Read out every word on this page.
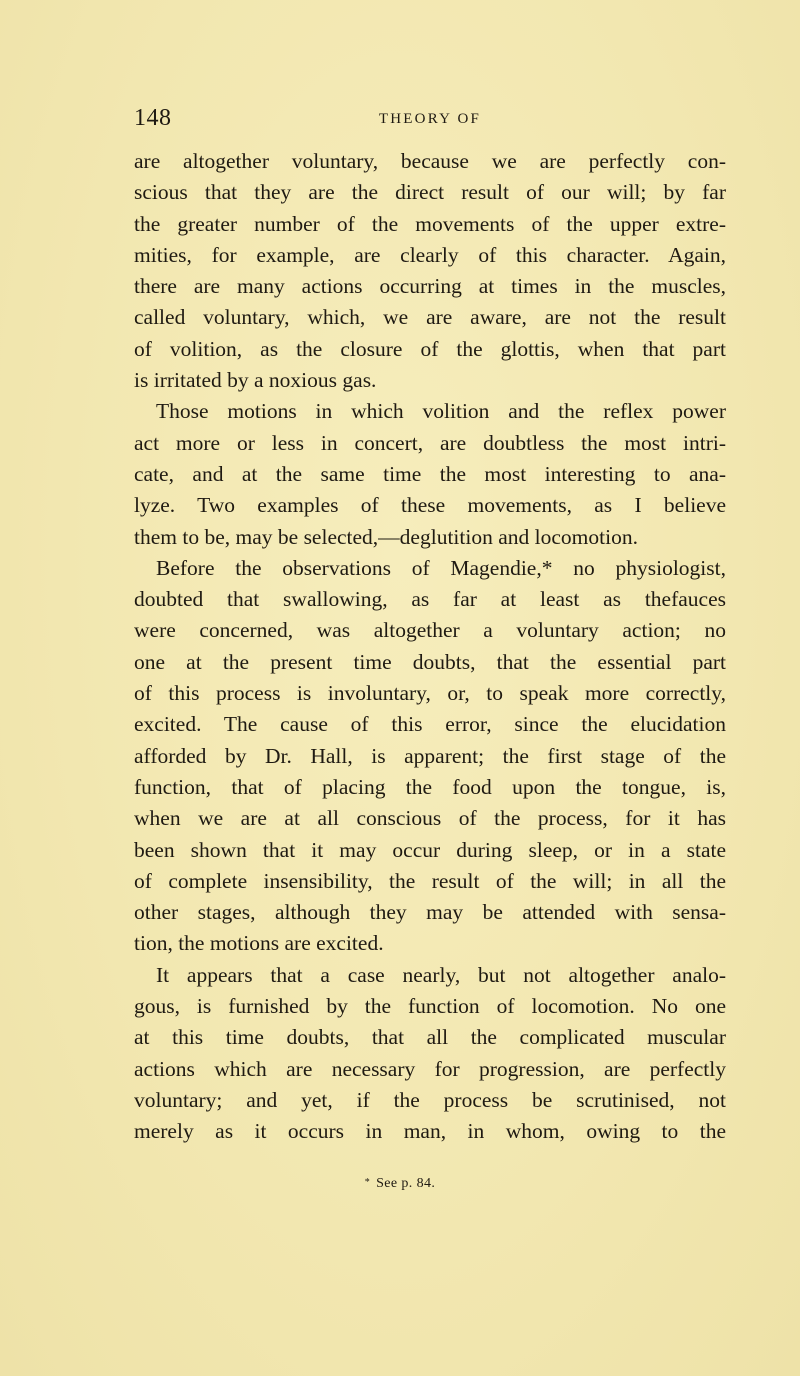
148	THEORY OF
are altogether voluntary, because we are perfectly con-
scious that they are the direct result of our will; by far
the greater number of the movements of the upper extre-
mities, for example, are clearly of this character. Again,
there are many actions occurring at times in the muscles,
called voluntary, which, we are aware, are not the result
of volition, as the closure of the glottis, when that part
is irritated by a noxious gas.
Those motions in which volition and the reflex power
act more or less in concert, are doubtless the most intri-
cate, and at the same time the most interesting to ana-
lyze. Two examples of these movements, as I believe
them to be, may be selected,—deglutition and locomotion.
Before the observations of Magendie,* no physiologist,
doubted that swallowing, as far at least as thefauces
were concerned, was altogether a voluntary action; no
one at the present time doubts, that the essential part
of this process is involuntary, or, to speak more correctly,
excited. The cause of this error, since the elucidation
afforded by Dr. Hall, is apparent; the first stage of the
function, that of placing the food upon the tongue, is,
when we are at all conscious of the process, for it has
been shown that it may occur during sleep, or in a state
of complete insensibility, the result of the will; in all the
other stages, although they may be attended with sensa-
tion, the motions are excited.
It appears that a case nearly, but not altogether analo-
gous, is furnished by the function of locomotion. No one
at this time doubts, that all the complicated muscular
actions which are necessary for progression, are perfectly
voluntary; and yet, if the process be scrutinised, not
merely as it occurs in man, in whom, owing to the
* See p. 84.
